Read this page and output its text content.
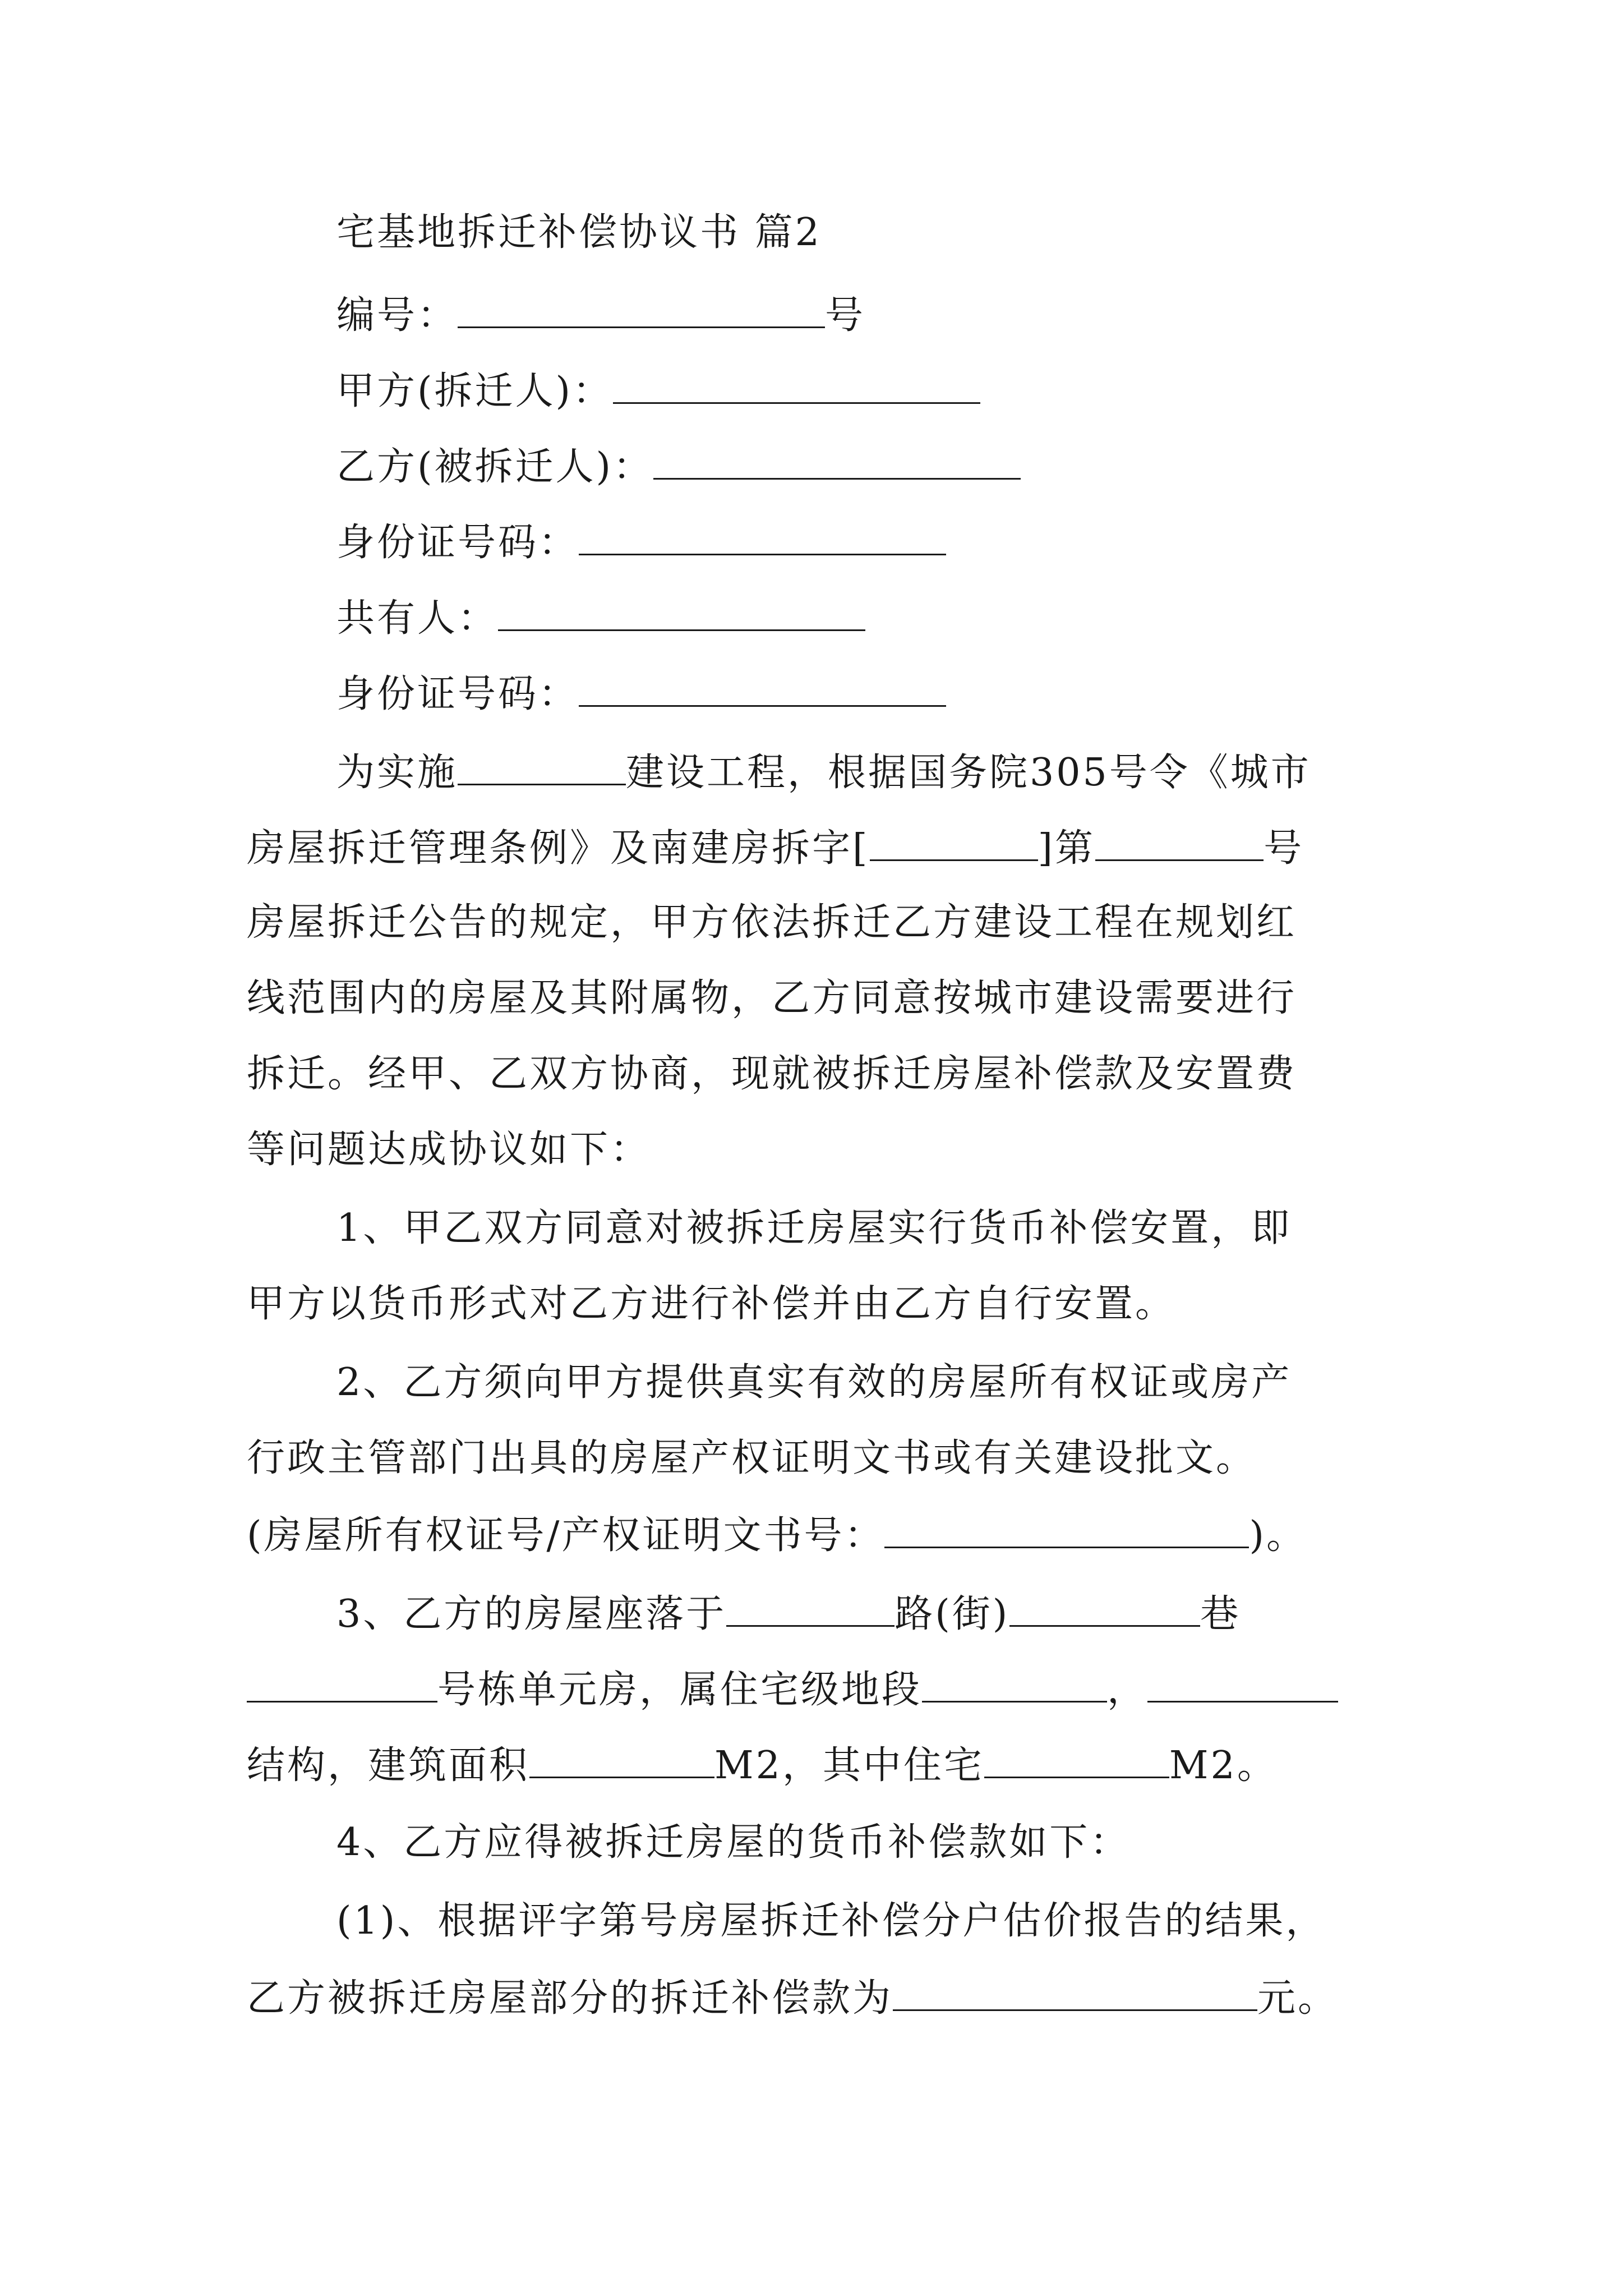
宅基地拆迁补偿协议书 篇2
编号：	号
甲方(拆迁人)：
乙方(被拆迁人)：
身份证号码：
共有人：
身份证号码：
为实施	建设工程，根据国务院305号令《城市
房屋拆迁管理条例》及南建房拆字[	]第	号
房屋拆迁公告的规定，甲方依法拆迁乙方建设工程在规划红
线范围内的房屋及其附属物，乙方同意按城市建设需要进行
拆迁。经甲、乙双方协商，现就被拆迁房屋补偿款及安置费
等问题达成协议如下：
1、甲乙双方同意对被拆迁房屋实行货币补偿安置，即
甲方以货币形式对乙方进行补偿并由乙方自行安置。
2、乙方须向甲方提供真实有效的房屋所有权证或房产
行政主管部门出具的房屋产权证明文书或有关建设批文。
(房屋所有权证号/产权证明文书号：	)。
3、乙方的房屋座落于	路(街)	巷
号栋单元房，属住宅级地段	，
结构，建筑面积	M2，其中住宅	M2。
4、乙方应得被拆迁房屋的货币补偿款如下：
(1)、根据评字第号房屋拆迁补偿分户估价报告的结果，
乙方被拆迁房屋部分的拆迁补偿款为	元。
